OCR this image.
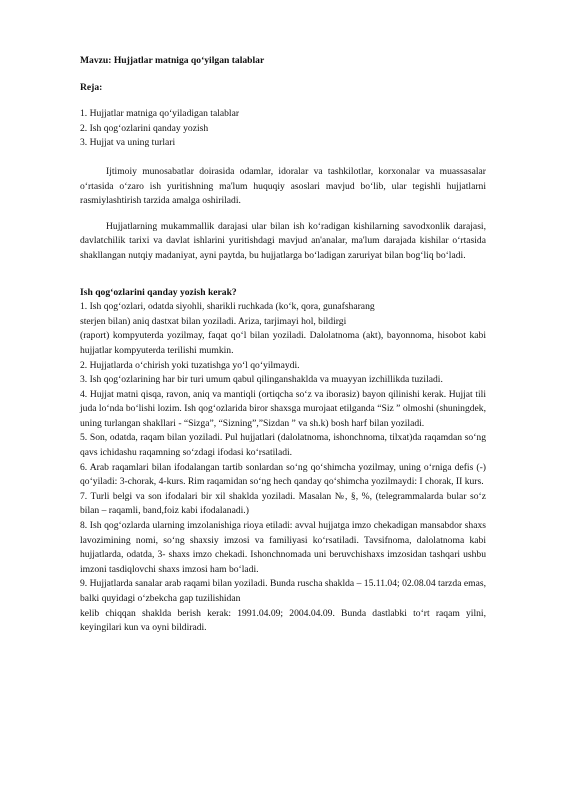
Mavzu: Hujjatlar matniga qo‘yilgan talablar
Reja:
1. Hujjatlar matniga qo‘yiladigan talablar
2. Ish qog‘ozlarini qanday yozish
3. Hujjat va uning turlari

Ijtimoiy munosabatlar doirasida odamlar, idoralar va tashkilotlar, korxonalar va muassasalar o‘rtasida o‘zaro ish yuritishning ma'lum huquqiy asoslari mavjud bo‘lib, ular tegishli hujjatlarni rasmiylashtirish tarzida amalga oshiriladi.

Hujjatlarning mukammallik darajasi ular bilan ish ko‘radigan kishilarning savodxonlik darajasi, davlatchilik tarixi va davlat ishlarini yuritishdagi mavjud an'analar, ma'lum darajada kishilar o‘rtasida shakllangan nutqiy madaniyat, ayni paytda, bu hujjatlarga bo‘ladigan zaruriyat bilan bog‘liq bo‘ladi.

Ish qog‘ozlarini qanday yozish kerak?
1. Ish qog‘ozlari, odatda siyohli, sharikli ruchkada (ko‘k, qora, gunafsharang
sterjen bilan) aniq dastxat bilan yoziladi. Ariza, tarjimayi hol, bildirgi
(raport) kompyuterda yozilmay, faqat qo‘l bilan yoziladi. Dalolatnoma (akt), bayonnoma, hisobot kabi hujjatlar kompyuterda terilishi mumkin.
2. Hujjatlarda o‘chirish yoki tuzatishga yo‘l qo‘yilmaydi.
3. Ish qog‘ozlarining har bir turi umum qabul qilinganshaklda va muayyan izchillikda tuziladi.
4. Hujjat matni qisqa, ravon, aniq va mantiqli (ortiqcha so‘z va iborasiz) bayon qilinishi kerak. Hujjat tili juda lo‘nda bo‘lishi lozim. Ish qog‘ozlarida biror shaxsga murojaat etilganda “Siz ” olmoshi (shuningdek, uning turlangan shakllari - “Sizga”, “Sizning”,”Sizdan ” va sh.k) bosh harf bilan yoziladi.
5. Son, odatda, raqam bilan yoziladi. Pul hujjatlari (dalolatnoma, ishonchnoma, tilxat)da raqamdan so‘ng qavs ichidashu raqamning so‘zdagi ifodasi ko‘rsatiladi.
6. Arab raqamlari bilan ifodalangan tartib sonlardan so‘ng qo‘shimcha yozilmay, uning o‘rniga defis (-) qo‘yiladi: 3-chorak, 4-kurs. Rim raqamidan so‘ng hech qanday qo‘shimcha yozilmaydi: I chorak, II kurs.
7. Turli belgi va son ifodalari bir xil shaklda yoziladi. Masalan №, §, %, (telegrammalarda bular so‘z bilan – raqamli, band,foiz kabi ifodalanadi.)
8. Ish qog‘ozlarda ularning imzolanishiga rioya etiladi: avval hujjatga imzo chekadigan mansabdor shaxs lavozimining nomi, so‘ng shaxsiy imzosi va familiyasi ko‘rsatiladi. Tavsifnoma, dalolatnoma kabi hujjatlarda, odatda, 3- shaxs imzo chekadi. Ishonchnomada uni beruvchishaxs imzosidan tashqari ushbu imzoni tasdiqlovchi shaxs imzosi ham bo‘ladi.
9. Hujjatlarda sanalar arab raqami bilan yoziladi. Bunda ruscha shaklda – 15.11.04; 02.08.04 tarzda emas, balki quyidagi o‘zbekcha gap tuzilishidan
kelib chiqqan shaklda berish kerak: 1991.04.09; 2004.04.09. Bunda dastlabki to‘rt raqam yilni, keyingilari kun va oyni bildiradi.
